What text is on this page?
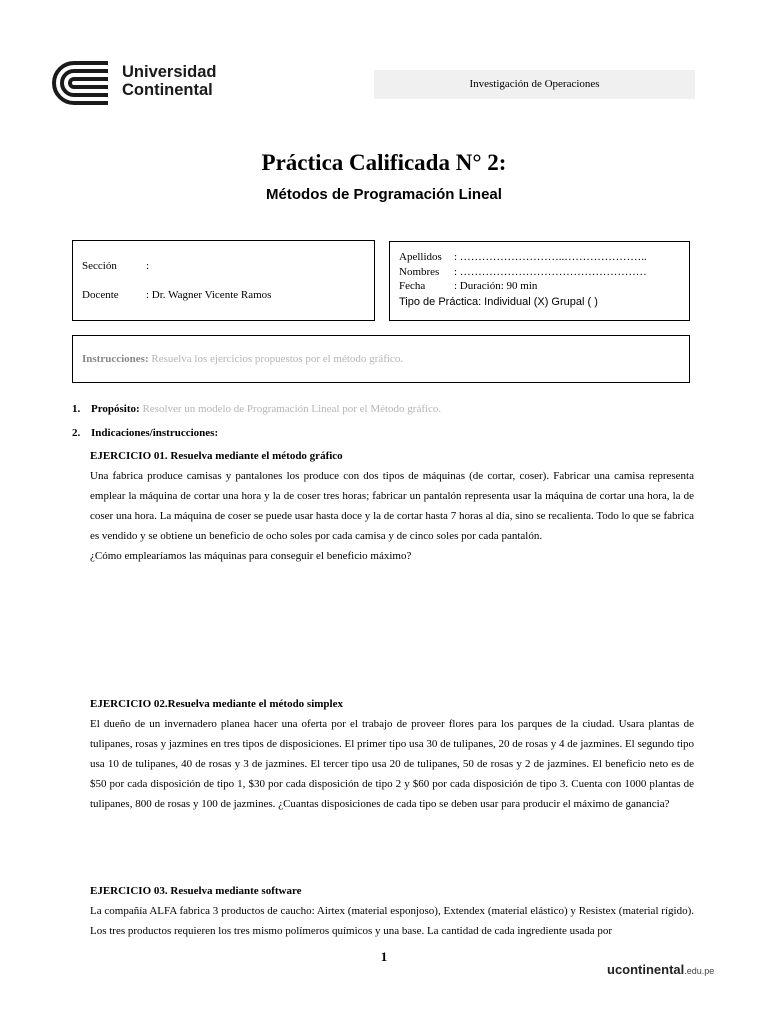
Universidad
Continental	Investigación de Operaciones
Práctica Calificada N° 2:
Métodos de Programación Lineal
Sección	:
Docente : Dr. Wagner Vicente Ramos
Apellidos : ………………………..…………………..
Nombres : ……………………………………………
Fecha	: Duración: 90 min
Tipo de Práctica: Individual (X) Grupal ( )
Instrucciones: Resuelva los ejercicios propuestos por el método gráfico.
1. Propósito: Resolver un modelo de Programación Lineal por el Método gráfico.
2. Indicaciones/instrucciones:
EJERCICIO 01. Resuelva mediante el método gráfico
Una fabrica produce camisas y pantalones los produce con dos tipos de máquinas (de cortar, coser). Fabricar una camisa representa emplear la máquina de cortar una hora y la de coser tres horas; fabricar un pantalón representa usar la máquina de cortar una hora, la de coser una hora. La máquina de coser se puede usar hasta doce y la de cortar hasta 7 horas al día, sino se recalienta. Todo lo que se fabrica es vendido y se obtiene un beneficio de ocho soles por cada camisa y de cinco soles por cada pantalón.
¿Cómo emplearíamos las máquinas para conseguir el beneficio máximo?
EJERCICIO 02.Resuelva mediante el método simplex
El dueño de un invernadero planea hacer una oferta por el trabajo de proveer flores para los parques de la ciudad. Usara plantas de tulipanes, rosas y jazmines en tres tipos de disposiciones. El primer tipo usa 30 de tulipanes, 20 de rosas y 4 de jazmines. El segundo tipo usa 10 de tulipanes, 40 de rosas y 3 de jazmines. El tercer tipo usa 20 de tulipanes, 50 de rosas y 2 de jazmines. El beneficio neto es de $50 por cada disposición de tipo 1, $30 por cada disposición de tipo 2 y $60 por cada disposición de tipo 3. Cuenta con 1000 plantas de tulipanes, 800 de rosas y 100 de jazmines. ¿Cuantas disposiciones de cada tipo se deben usar para producir el máximo de ganancia?
EJERCICIO 03. Resuelva mediante software
La compañía ALFA fabrica 3 productos de caucho: Airtex (material esponjoso), Extendex (material elástico) y Resistex (material rígido). Los tres productos requieren los tres mismo polímeros químicos y una base. La cantidad de cada ingrediente usada por
1
ucontinental.edu.pe
